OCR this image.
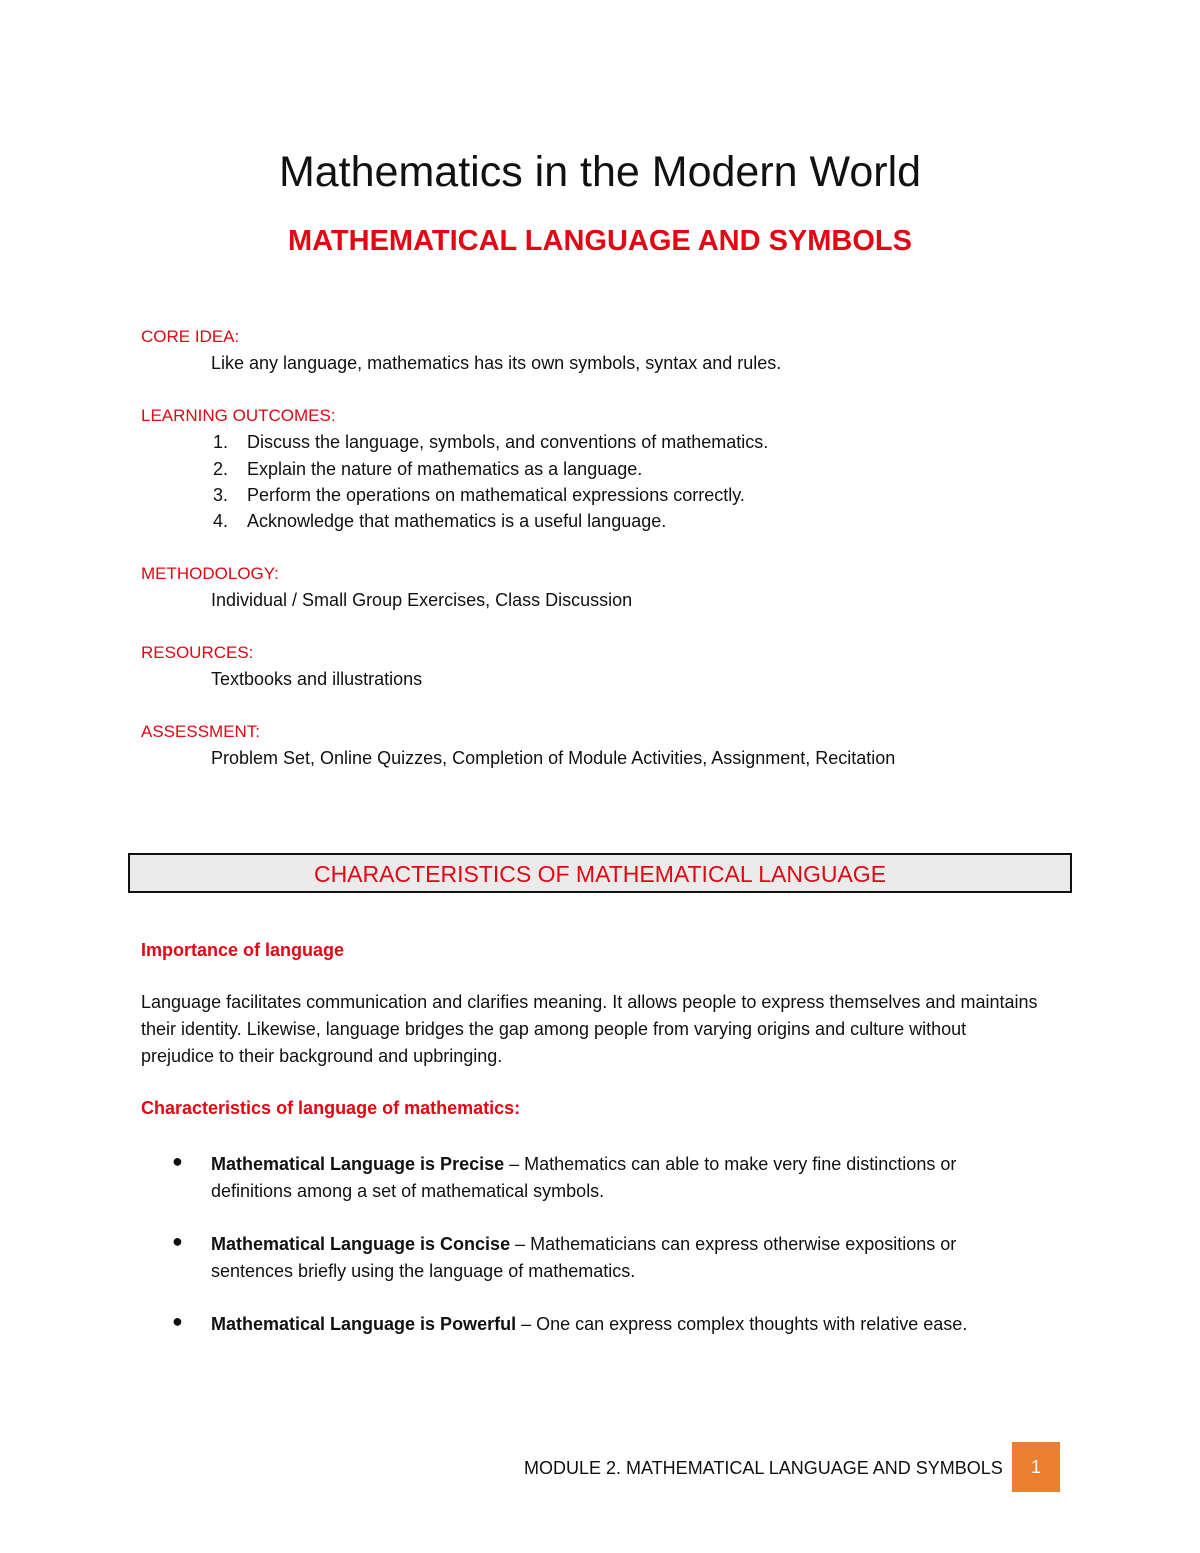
Mathematics in the Modern World
MATHEMATICAL LANGUAGE AND SYMBOLS
CORE IDEA:
Like any language, mathematics has its own symbols, syntax and rules.
LEARNING OUTCOMES:
1. Discuss the language, symbols, and conventions of mathematics.
2. Explain the nature of mathematics as a language.
3. Perform the operations on mathematical expressions correctly.
4. Acknowledge that mathematics is a useful language.
METHODOLOGY:
Individual / Small Group Exercises, Class Discussion
RESOURCES:
Textbooks and illustrations
ASSESSMENT:
Problem Set, Online Quizzes, Completion of Module Activities, Assignment, Recitation
CHARACTERISTICS OF MATHEMATICAL LANGUAGE
Importance of language
Language facilitates communication and clarifies meaning. It allows people to express themselves and maintains their identity. Likewise, language bridges the gap among people from varying origins and culture without prejudice to their background and upbringing.
Characteristics of language of mathematics:
● Mathematical Language is Precise – Mathematics can able to make very fine distinctions or definitions among a set of mathematical symbols.
● Mathematical Language is Concise – Mathematicians can express otherwise expositions or sentences briefly using the language of mathematics.
● Mathematical Language is Powerful – One can express complex thoughts with relative ease.
MODULE 2. MATHEMATICAL LANGUAGE AND SYMBOLS	1
